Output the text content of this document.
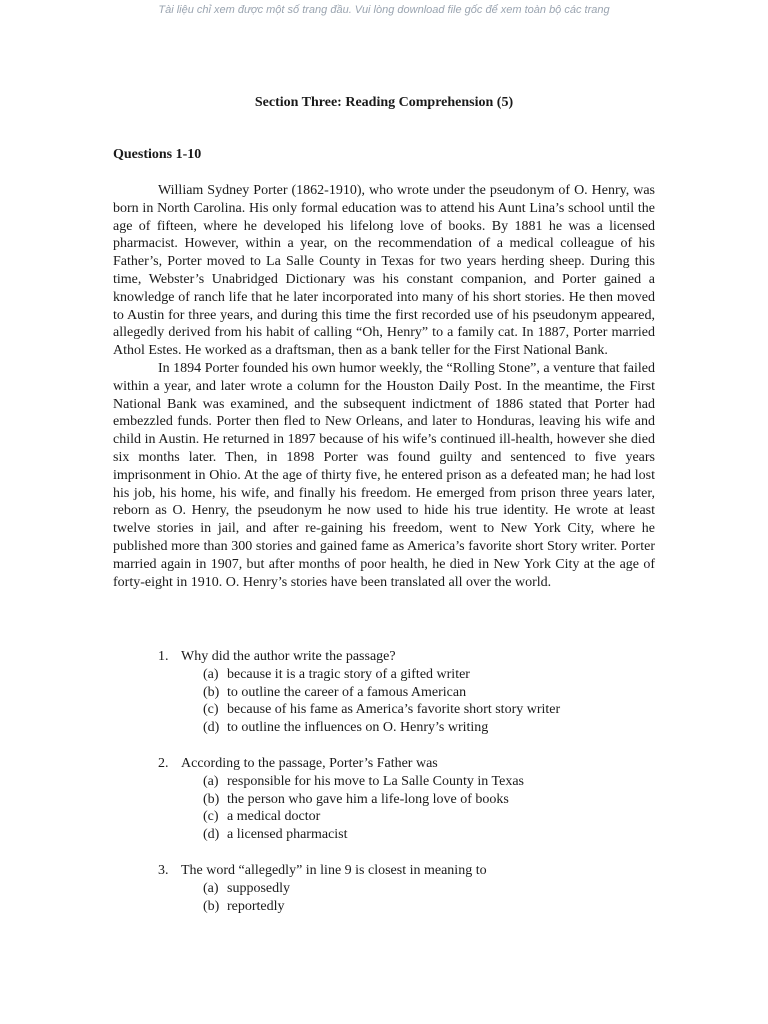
Tài liệu chỉ xem được một số trang đầu. Vui lòng download file gốc để xem toàn bộ các trang
Section Three: Reading Comprehension (5)
Questions 1-10

William Sydney Porter (1862-1910), who wrote under the pseudonym of O. Henry, was born in North Carolina. His only formal education was to attend his Aunt Lina’s school until the age of fifteen, where he developed his lifelong love of books. By 1881 he was a licensed pharmacist. However, within a year, on the recommendation of a medical colleague of his Father’s, Porter moved to La Salle County in Texas for two years herding sheep. During this time, Webster’s Unabridged Dictionary was his constant companion, and Porter gained a knowledge of ranch life that he later incorporated into many of his short stories. He then moved to Austin for three years, and during this time the first recorded use of his pseudonym appeared, allegedly derived from his habit of calling “Oh, Henry” to a family cat. In 1887, Porter married Athol Estes. He worked as a draftsman, then as a bank teller for the First National Bank.

In 1894 Porter founded his own humor weekly, the “Rolling Stone”, a venture that failed within a year, and later wrote a column for the Houston Daily Post. In the meantime, the First National Bank was examined, and the subsequent indictment of 1886 stated that Porter had embezzled funds. Porter then fled to New Orleans, and later to Honduras, leaving his wife and child in Austin. He returned in 1897 because of his wife’s continued ill-health, however she died six months later. Then, in 1898 Porter was found guilty and sentenced to five years imprisonment in Ohio. At the age of thirty five, he entered prison as a defeated man; he had lost his job, his home, his wife, and finally his freedom. He emerged from prison three years later, reborn as O. Henry, the pseudonym he now used to hide his true identity. He wrote at least twelve stories in jail, and after re-gaining his freedom, went to New York City, where he published more than 300 stories and gained fame as America’s favorite short Story writer. Porter married again in 1907, but after months of poor health, he died in New York City at the age of forty-eight in 1910. O. Henry’s stories have been translated all over the world.

1. Why did the author write the passage?
(a) because it is a tragic story of a gifted writer
(b) to outline the career of a famous American
(c) because of his fame as America’s favorite short story writer
(d) to outline the influences on O. Henry’s writing
2. According to the passage, Porter’s Father was
(a) responsible for his move to La Salle County in Texas
(b) the person who gave him a life-long love of books
(c) a medical doctor
(d) a licensed pharmacist
3. The word “allegedly” in line 9 is closest in meaning to
(a) supposedly
(b) reportedly
